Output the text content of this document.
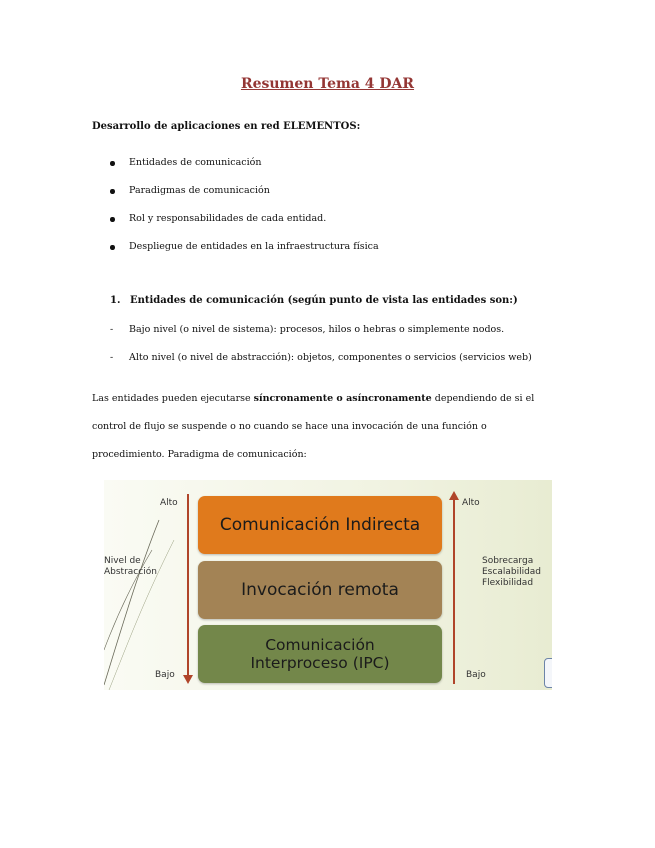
Resumen Tema 4 DAR
Desarrollo de aplicaciones en red ELEMENTOS:
Entidades de comunicación
Paradigmas de comunicación
Rol y responsabilidades de cada entidad.
Despliegue de entidades en la infraestructura física
1. Entidades de comunicación (según punto de vista las entidades son:)
- Bajo nivel (o nivel de sistema): procesos, hilos o hebras o simplemente nodos.
- Alto nivel (o nivel de abstracción): objetos, componentes o servicios (servicios web)
Las entidades pueden ejecutarse síncronamente o asíncronamente dependiendo de si el control de flujo se suspende o no cuando se hace una invocación de una función o procedimiento. Paradigma de comunicación:
Alto
Bajo
Nivel de
Abstracción
Comunicación Indirecta
Invocación remota
Comunicación
Interproceso (IPC)
Alto
Bajo
Sobrecarga
Escalabilidad
Flexibilidad
